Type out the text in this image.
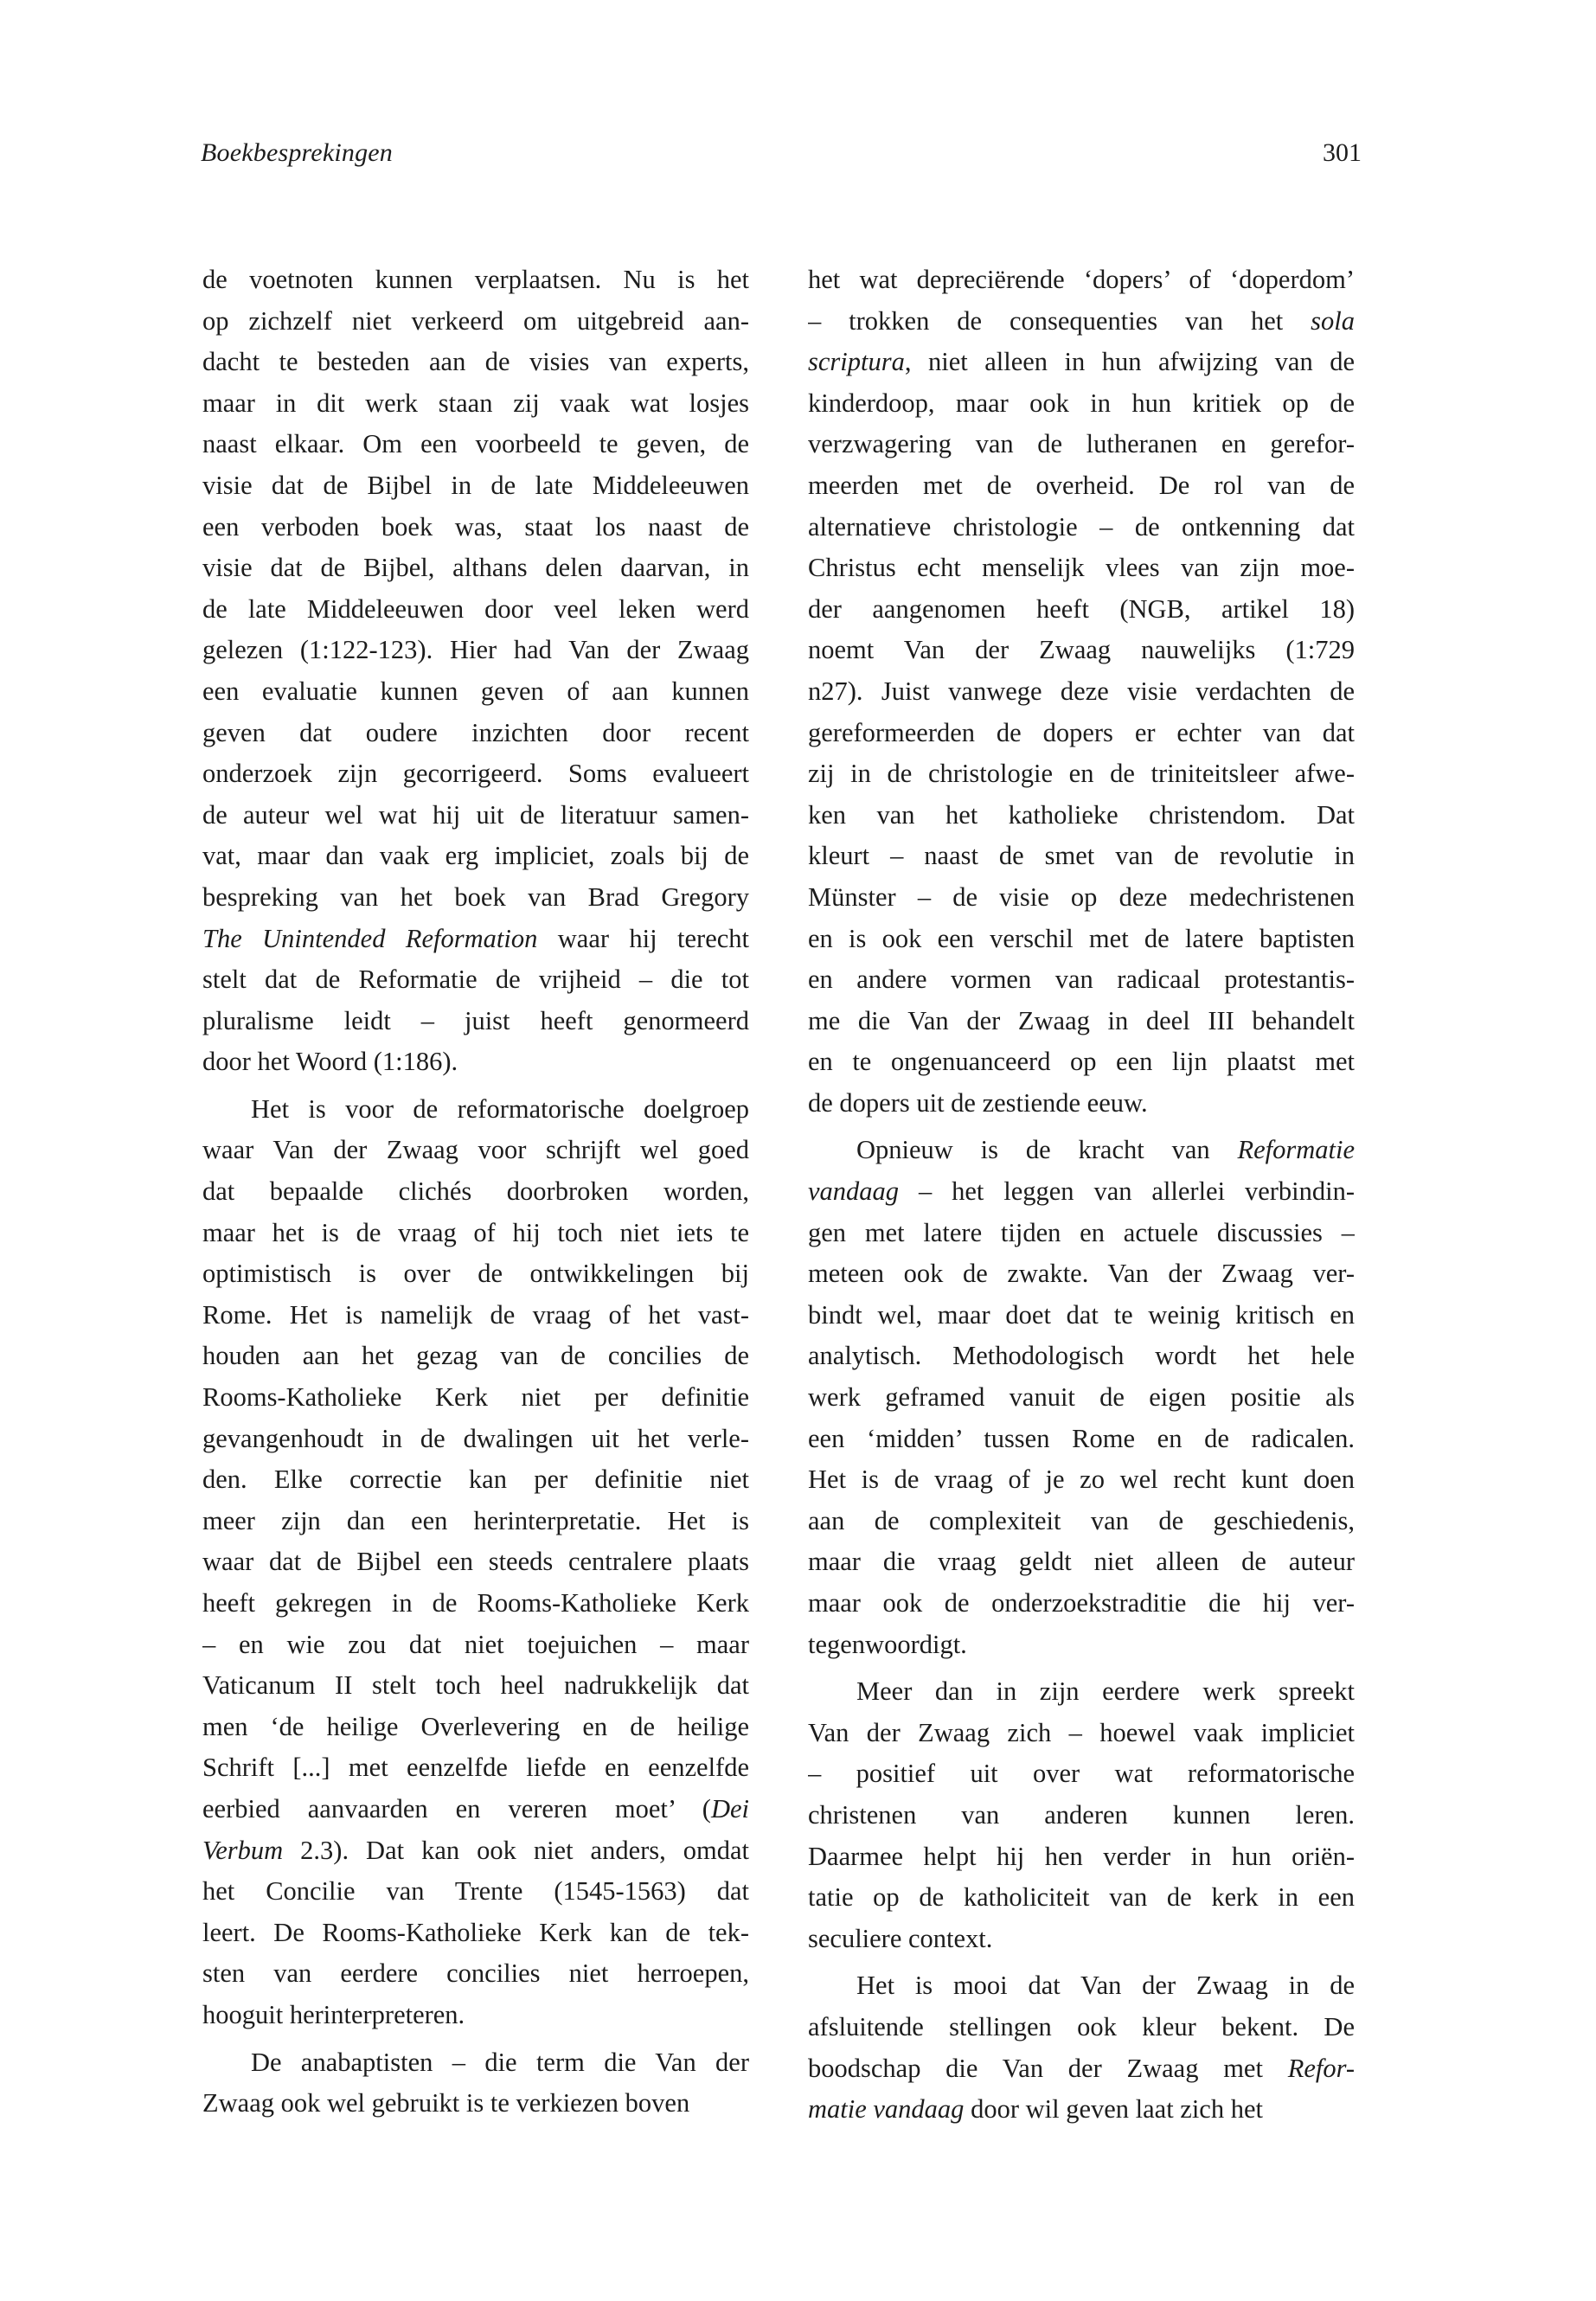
Boekbesprekingen	301
de voetnoten kunnen verplaatsen. Nu is het
op zichzelf niet verkeerd om uitgebreid aan-
dacht te besteden aan de visies van experts,
maar in dit werk staan zij vaak wat losjes
naast elkaar. Om een voorbeeld te geven, de
visie dat de Bijbel in de late Middeleeuwen
een verboden boek was, staat los naast de
visie dat de Bijbel, althans delen daarvan, in
de late Middeleeuwen door veel leken werd
gelezen (1:122-123). Hier had Van der Zwaag
een evaluatie kunnen geven of aan kunnen
geven dat oudere inzichten door recent
onderzoek zijn gecorrigeerd. Soms evalueert
de auteur wel wat hij uit de literatuur samen-
vat, maar dan vaak erg impliciet, zoals bij de
bespreking van het boek van Brad Gregory
The Unintended Reformation waar hij terecht
stelt dat de Reformatie de vrijheid – die tot
pluralisme leidt – juist heeft genormeerd
door het Woord (1:186).
Het is voor de reformatorische doelgroep
waar Van der Zwaag voor schrijft wel goed
dat bepaalde clichés doorbroken worden,
maar het is de vraag of hij toch niet iets te
optimistisch is over de ontwikkelingen bij
Rome. Het is namelijk de vraag of het vast-
houden aan het gezag van de concilies de
Rooms-Katholieke Kerk niet per definitie
gevangenhoudt in de dwalingen uit het verle-
den. Elke correctie kan per definitie niet
meer zijn dan een herinterpretatie. Het is
waar dat de Bijbel een steeds centralere plaats
heeft gekregen in de Rooms-Katholieke Kerk
– en wie zou dat niet toejuichen – maar
Vaticanum II stelt toch heel nadrukkelijk dat
men ‘de heilige Overlevering en de heilige
Schrift [...] met eenzelfde liefde en eenzelfde
eerbied aanvaarden en vereren moet’ (Dei
Verbum 2.3). Dat kan ook niet anders, omdat
het Concilie van Trente (1545-1563) dat
leert. De Rooms-Katholieke Kerk kan de tek-
sten van eerdere concilies niet herroepen,
hooguit herinterpreteren.
De anabaptisten – die term die Van der
Zwaag ook wel gebruikt is te verkiezen boven
het wat depreciërende ‘dopers’ of ‘doperdom’
– trokken de consequenties van het sola
scriptura, niet alleen in hun afwijzing van de
kinderdoop, maar ook in hun kritiek op de
verzwagering van de lutheranen en gerefor-
meerden met de overheid. De rol van de
alternatieve christologie – de ontkenning dat
Christus echt menselijk vlees van zijn moe-
der aangenomen heeft (NGB, artikel 18)
noemt Van der Zwaag nauwelijks (1:729
n27). Juist vanwege deze visie verdachten de
gereformeerden de dopers er echter van dat
zij in de christologie en de triniteitsleer afwe-
ken van het katholieke christendom. Dat
kleurt – naast de smet van de revolutie in
Münster – de visie op deze medechristenen
en is ook een verschil met de latere baptisten
en andere vormen van radicaal protestantis-
me die Van der Zwaag in deel III behandelt
en te ongenuanceerd op een lijn plaatst met
de dopers uit de zestiende eeuw.
Opnieuw is de kracht van Reformatie
vandaag – het leggen van allerlei verbindin-
gen met latere tijden en actuele discussies –
meteen ook de zwakte. Van der Zwaag ver-
bindt wel, maar doet dat te weinig kritisch en
analytisch. Methodologisch wordt het hele
werk geframed vanuit de eigen positie als
een ‘midden’ tussen Rome en de radicalen.
Het is de vraag of je zo wel recht kunt doen
aan de complexiteit van de geschiedenis,
maar die vraag geldt niet alleen de auteur
maar ook de onderzoekstraditie die hij ver-
tegenwoordigt.
Meer dan in zijn eerdere werk spreekt
Van der Zwaag zich – hoewel vaak impliciet
– positief uit over wat reformatorische
christenen van anderen kunnen leren.
Daarmee helpt hij hen verder in hun oriën-
tatie op de katholiciteit van de kerk in een
seculiere context.
Het is mooi dat Van der Zwaag in de
afsluitende stellingen ook kleur bekent. De
boodschap die Van der Zwaag met Refor-
matie vandaag door wil geven laat zich het
